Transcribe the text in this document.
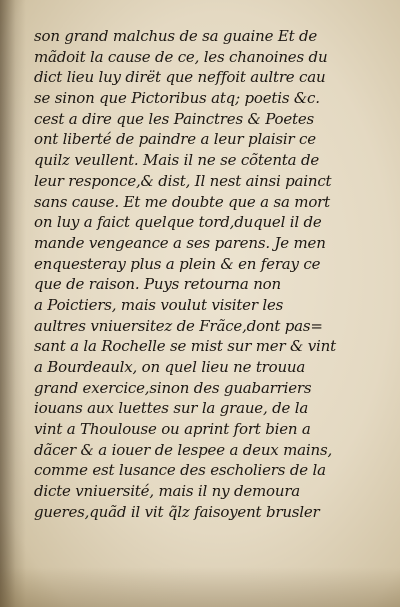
son grand malchus de sa guaine Et de
mãdoit la cause de ce, les chanoines du
dict lieu luy dirët que neffoit aultre cau
se sinon que Pictoribus atq; poetis &c.
cest a dire que les Painctres & Poetes
ont liberté de paindre a leur plaisir ce
quilz veullent. Mais il ne se cõtenta de
leur responce,& dist, Il nest ainsi painct
sans cause. Et me doubte que a sa mort
on luy a faict quelque tord,duquel il de
mande vengeance a ses parens. Je men
enquesteray plus a plein & en feray ce
que de raison. Puys retourna non
a Poictiers, mais voulut visiter les
aultres vniuersitez de Frãce,dont pas=
sant a la Rochelle se mist sur mer & vint
a Bourdeaulx, on quel lieu ne trouua
grand exercice,sinon des guabarriers
iouans aux luettes sur la graue, de la
vint a Thoulouse ou aprint fort bien a
dãcer & a iouer de lespee a deux mains,
comme est lusance des escholiers de la
dicte vniuersité, mais il ny demoura
gueres,quãd il vit q̃lz faisoyent brusler
